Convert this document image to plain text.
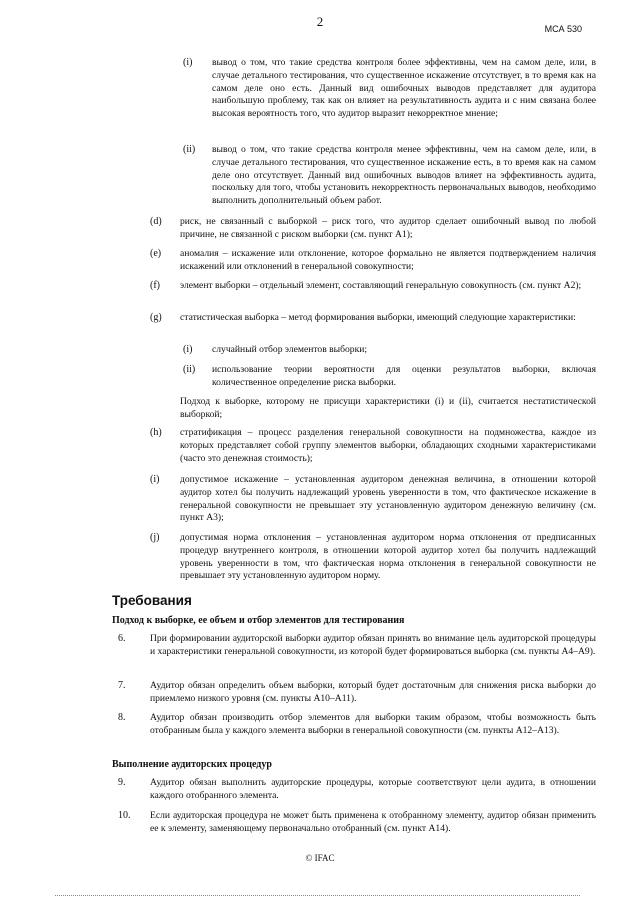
2	МСА 530
(i) вывод о том, что такие средства контроля более эффективны, чем на самом деле, или, в случае детального тестирования, что существенное искажение отсутствует, в то время как на самом деле оно есть. Данный вид ошибочных выводов представляет для аудитора наибольшую проблему, так как он влияет на результативность аудита и с ним связана более высокая вероятность того, что аудитор выразит некорректное мнение;

(ii) вывод о том, что такие средства контроля менее эффективны, чем на самом деле, или, в случае детального тестирования, что существенное искажение есть, в то время как на самом деле оно отсутствует. Данный вид ошибочных выводов влияет на эффективность аудита, поскольку для того, чтобы установить некорректность первоначальных выводов, необходимо выполнить дополнительный объем работ.

(d) риск, не связанный с выборкой – риск того, что аудитор сделает ошибочный вывод по любой причине, не связанной с риском выборки (см. пункт A1);

(e) аномалия – искажение или отклонение, которое формально не является подтверждением наличия искажений или отклонений в генеральной совокупности;

(f) элемент выборки – отдельный элемент, составляющий генеральную совокупность (см. пункт A2);

(g) статистическая выборка – метод формирования выборки, имеющий следующие характеристики:

(i) случайный отбор элементов выборки;

(ii) использование теории вероятности для оценки результатов выборки, включая количественное определение риска выборки.

Подход к выборке, которому не присущи характеристики (i) и (ii), считается нестатистической выборкой;

(h) стратификация – процесс разделения генеральной совокупности на подмножества, каждое из которых представляет собой группу элементов выборки, обладающих сходными характеристиками (часто это денежная стоимость);

(i) допустимое искажение – установленная аудитором денежная величина, в отношении которой аудитор хотел бы получить надлежащий уровень уверенности в том, что фактическое искажение в генеральной совокупности не превышает эту установленную аудитором денежную величину (см. пункт A3);

(j) допустимая норма отклонения – установленная аудитором норма отклонения от предписанных процедур внутреннего контроля, в отношении которой аудитор хотел бы получить надлежащий уровень уверенности в том, что фактическая норма отклонения в генеральной совокупности не превышает эту установленную аудитором норму.

Требования
Подход к выборке, ее объем и отбор элементов для тестирования
6.	При формировании аудиторской выборки аудитор обязан принять во внимание цель аудиторской процедуры и характеристики генеральной совокупности, из которой будет формироваться выборка (см. пункты A4–A9).

7.	Аудитор обязан определить объем выборки, который будет достаточным для снижения риска выборки до приемлемо низкого уровня (см. пункты A10–A11).

8.	Аудитор обязан производить отбор элементов для выборки таким образом, чтобы возможность быть отобранным была у каждого элемента выборки в генеральной совокупности (см. пункты A12–A13).

Выполнение аудиторских процедур
9.	Аудитор обязан выполнить аудиторские процедуры, которые соответствуют цели аудита, в отношении каждого отобранного элемента.

10. Если аудиторская процедура не может быть применена к отобранному элементу, аудитор обязан применить ее к элементу, заменяющему первоначально отобранный (см. пункт A14).

© IFAC
